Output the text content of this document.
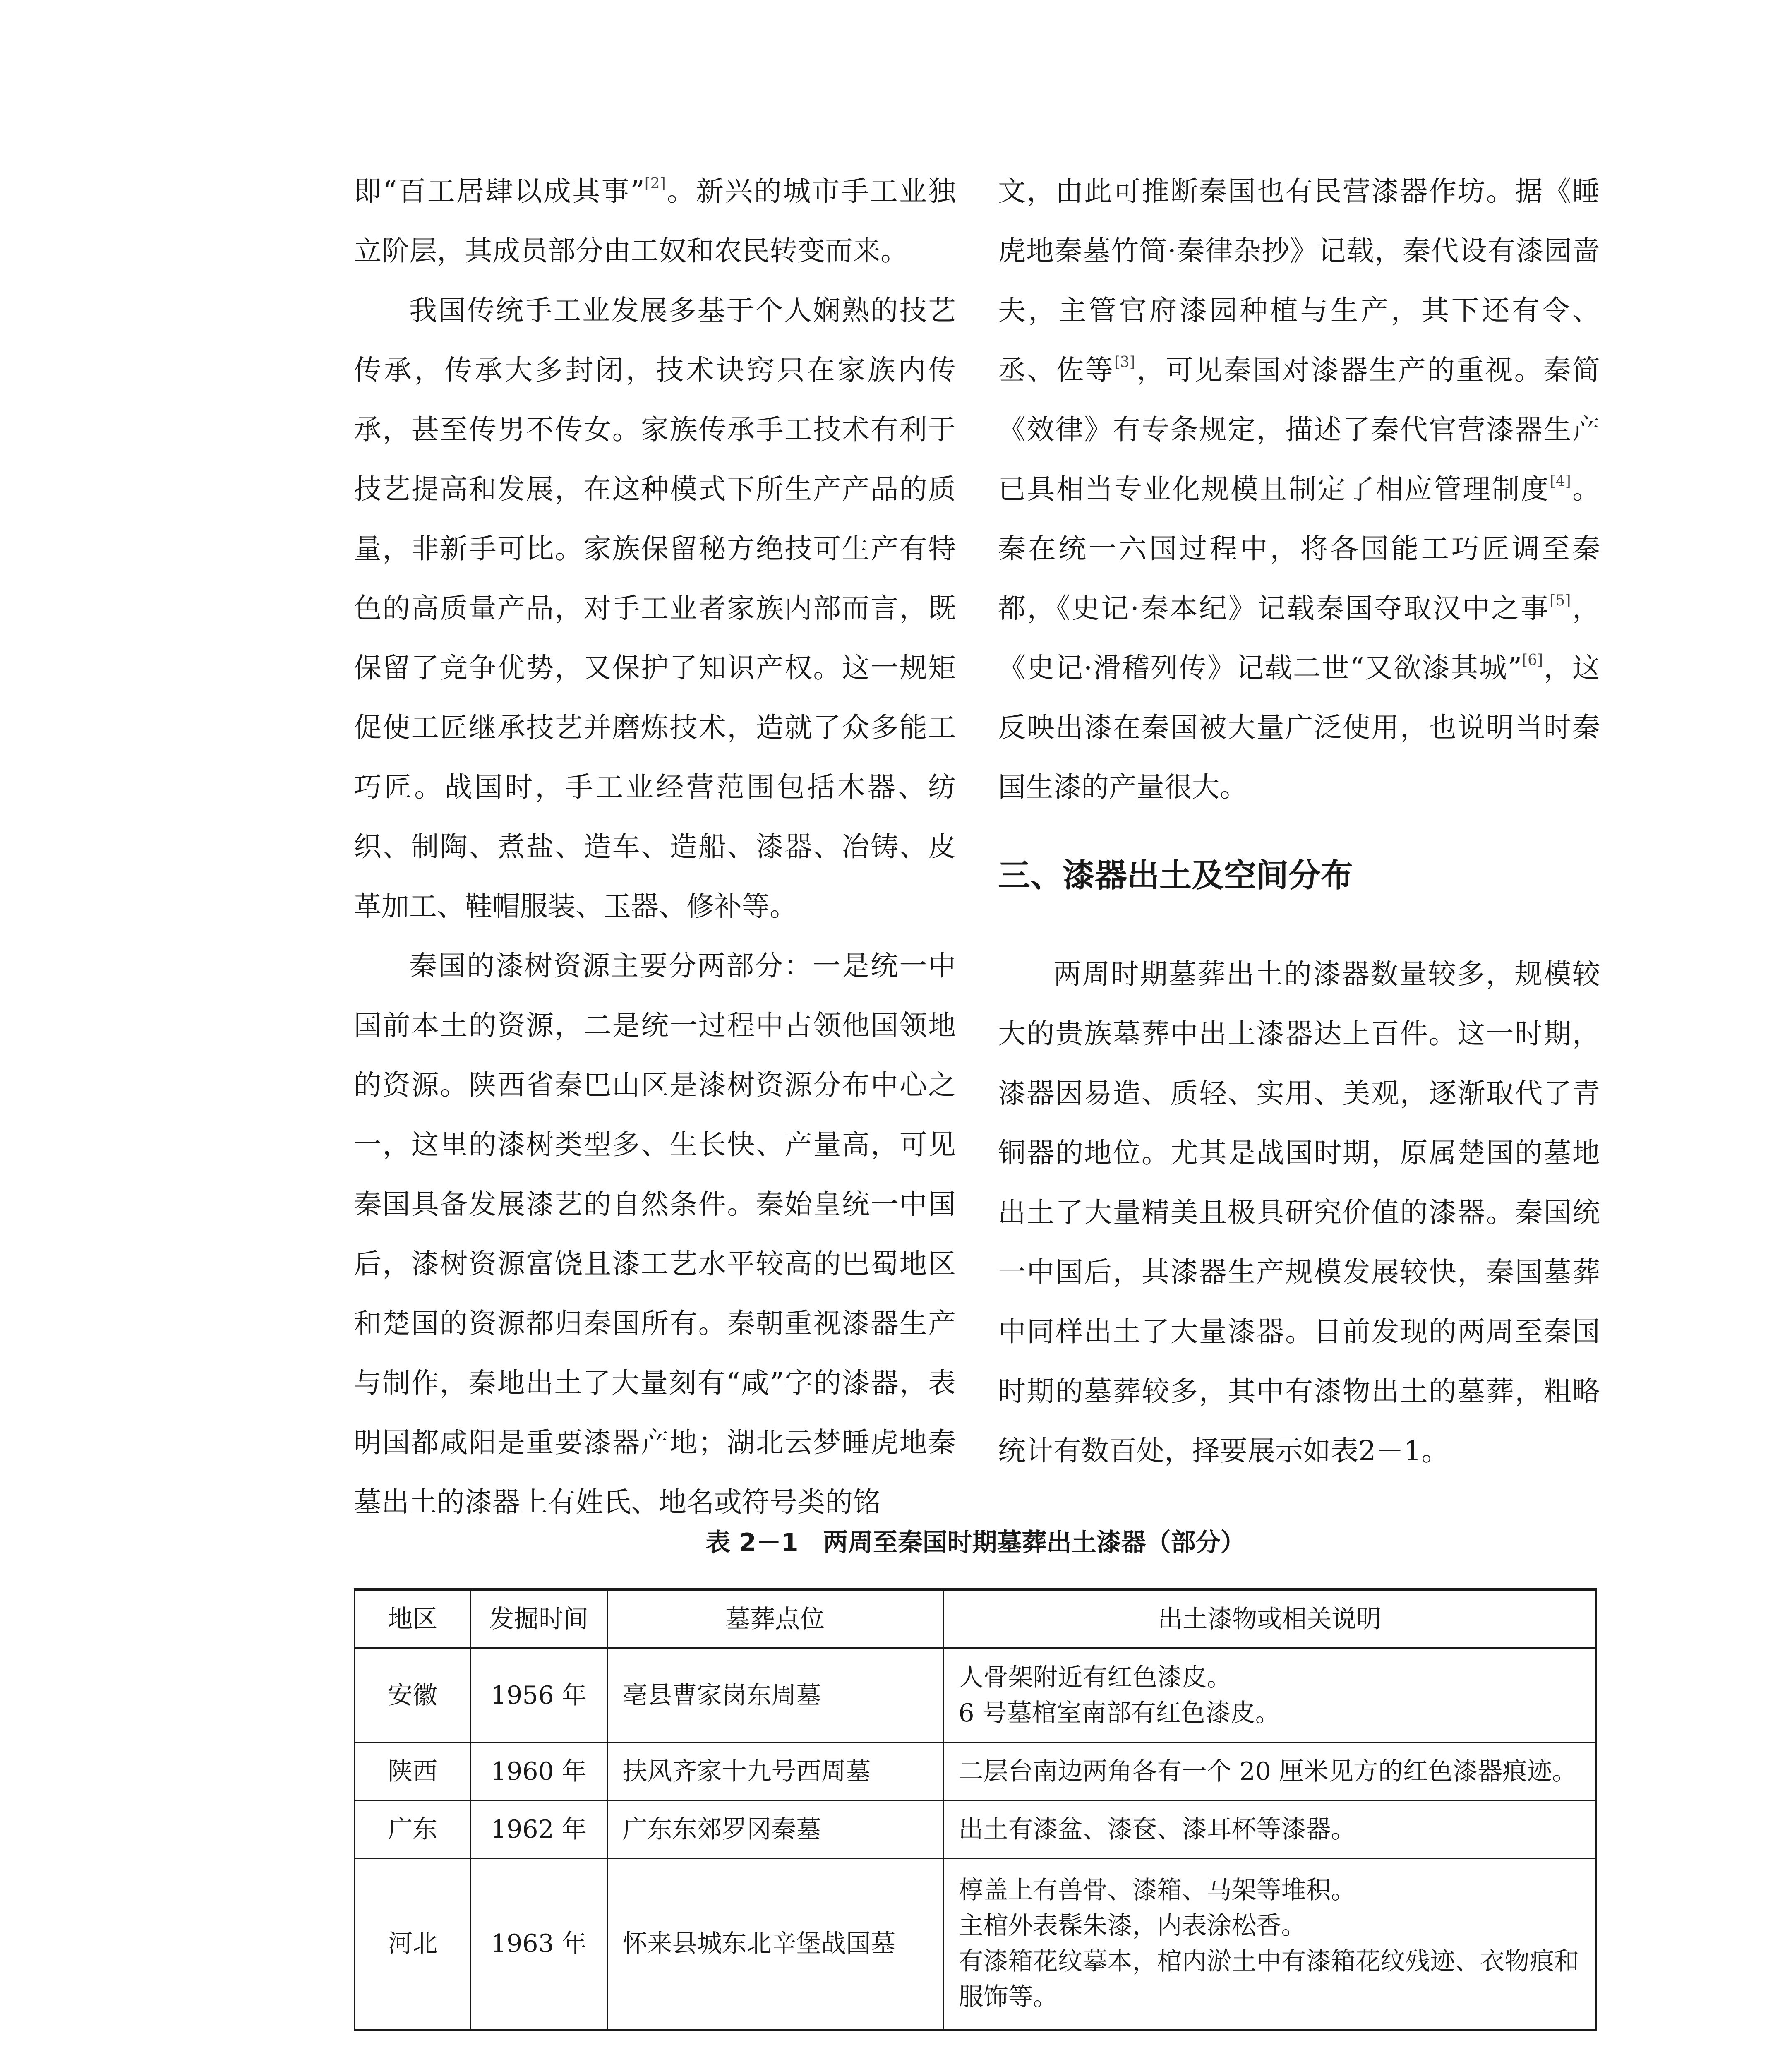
即“百工居肆以成其事”[2]。新兴的城市手工业独立阶层，其成员部分由工奴和农民转变而来。

我国传统手工业发展多基于个人娴熟的技艺传承，传承大多封闭，技术诀窍只在家族内传承，甚至传男不传女。家族传承手工技术有利于技艺提高和发展，在这种模式下所生产产品的质量，非新手可比。家族保留秘方绝技可生产有特色的高质量产品，对手工业者家族内部而言，既保留了竞争优势，又保护了知识产权。这一规矩促使工匠继承技艺并磨炼技术，造就了众多能工巧匠。战国时，手工业经营范围包括木器、纺织、制陶、煮盐、造车、造船、漆器、冶铸、皮革加工、鞋帽服装、玉器、修补等。

秦国的漆树资源主要分两部分：一是统一中国前本土的资源，二是统一过程中占领他国领地的资源。陕西省秦巴山区是漆树资源分布中心之一，这里的漆树类型多、生长快、产量高，可见秦国具备发展漆艺的自然条件。秦始皇统一中国后，漆树资源富饶且漆工艺水平较高的巴蜀地区和楚国的资源都归秦国所有。秦朝重视漆器生产与制作，秦地出土了大量刻有“咸”字的漆器，表明国都咸阳是重要漆器产地；湖北云梦睡虎地秦墓出土的漆器上有姓氏、地名或符号类的铭

文，由此可推断秦国也有民营漆器作坊。据《睡虎地秦墓竹简·秦律杂抄》记载，秦代设有漆园啬夫，主管官府漆园种植与生产，其下还有令、丞、佐等[3]，可见秦国对漆器生产的重视。秦简《效律》有专条规定，描述了秦代官营漆器生产已具相当专业化规模且制定了相应管理制度[4]。秦在统一六国过程中，将各国能工巧匠调至秦都，《史记·秦本纪》记载秦国夺取汉中之事[5]，《史记·滑稽列传》记载二世“又欲漆其城”[6]，这反映出漆在秦国被大量广泛使用，也说明当时秦国生漆的产量很大。

三、漆器出土及空间分布

两周时期墓葬出土的漆器数量较多，规模较大的贵族墓葬中出土漆器达上百件。这一时期，漆器因易造、质轻、实用、美观，逐渐取代了青铜器的地位。尤其是战国时期，原属楚国的墓地出土了大量精美且极具研究价值的漆器。秦国统一中国后，其漆器生产规模发展较快，秦国墓葬中同样出土了大量漆器。目前发现的两周至秦国时期的墓葬较多，其中有漆物出土的墓葬，粗略统计有数百处，择要展示如表2－1。

表 2－1　两周至秦国时期墓葬出土漆器（部分）
地区	发掘时间	墓葬点位	出土漆物或相关说明
安徽	1956 年	亳县曹家岗东周墓	人骨架附近有红色漆皮。
6 号墓棺室南部有红色漆皮。

陕西	1960 年	扶风齐家十九号西周墓	二层台南边两角各有一个 20 厘米见方的红色漆器痕迹。

广东	1962 年	广东东郊罗冈秦墓	出土有漆盆、漆奁、漆耳杯等漆器。

河北	1963 年	怀来县城东北辛堡战国墓	椁盖上有兽骨、漆箱、马架等堆积。
主棺外表髹朱漆，内表涂松香。
有漆箱花纹摹本，棺内淤土中有漆箱花纹残迹、衣物痕和服饰等。
